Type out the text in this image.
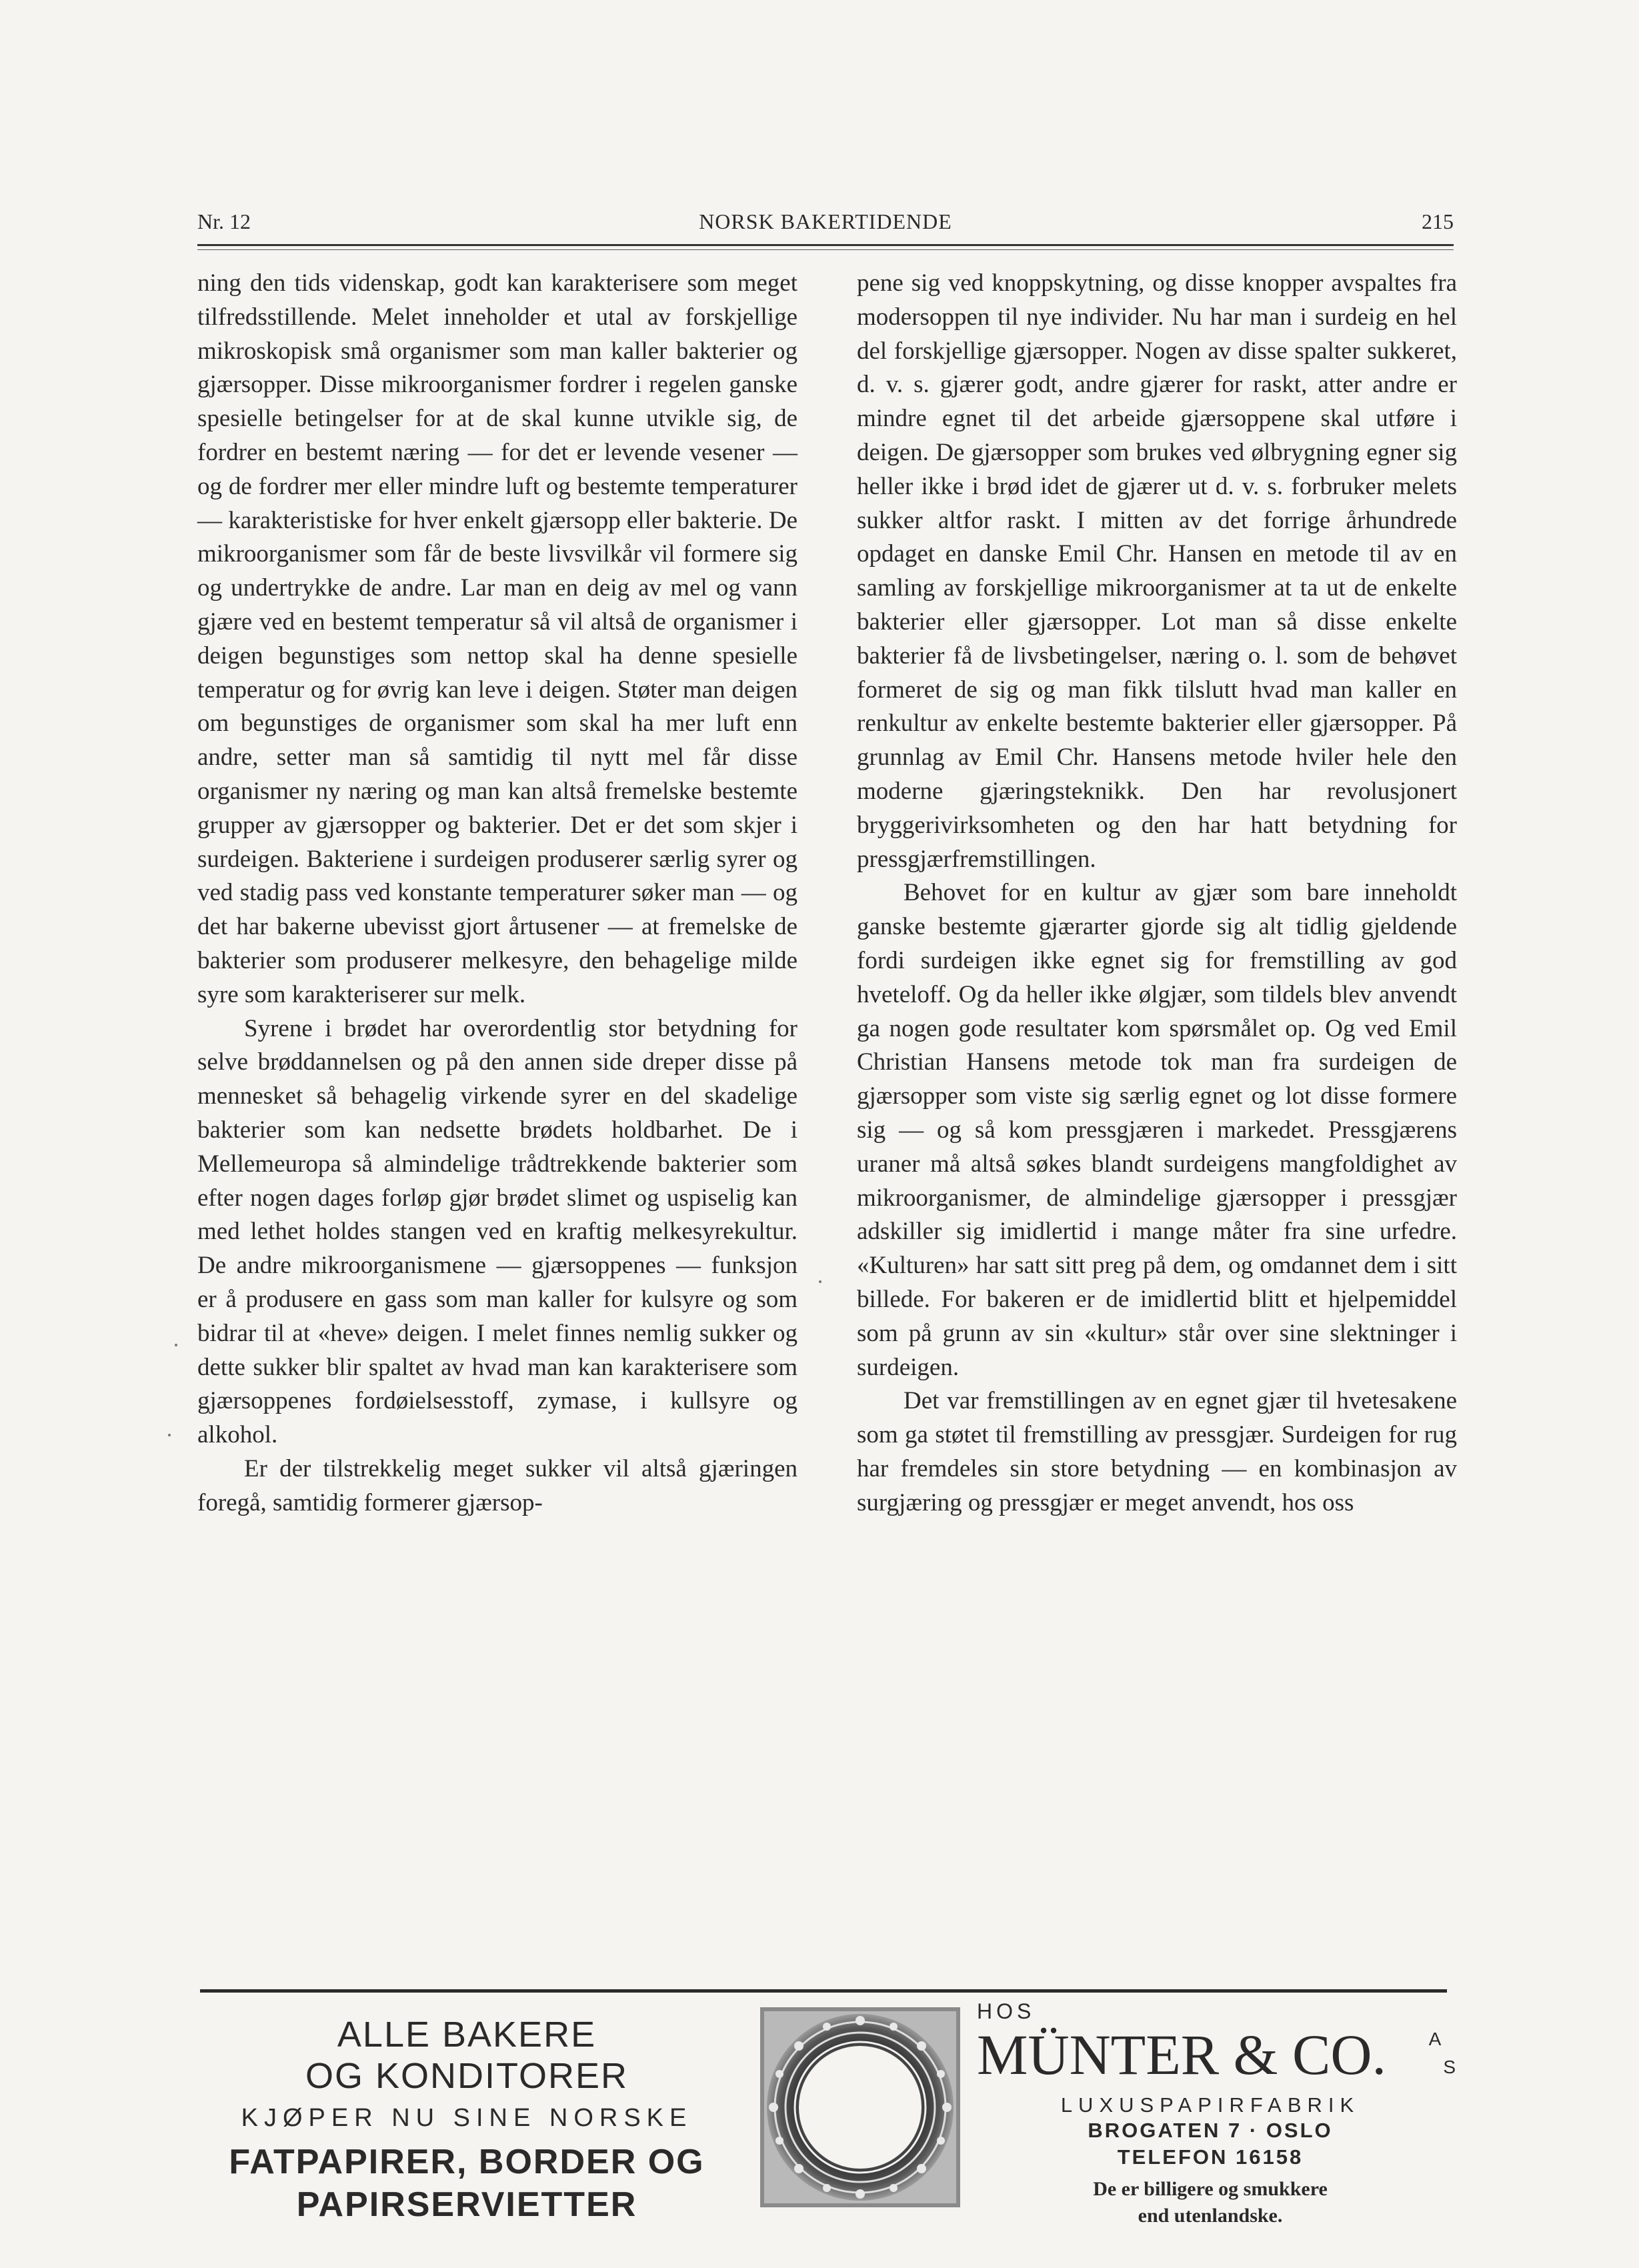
Nr. 12	NORSK BAKERTIDENDE	215

ning den tids videnskap, godt kan karakterisere som meget tilfredsstillende. Melet inneholder et utal av forskjellige mikroskopisk små organismer som man kaller bakterier og gjærsopper. Disse mikroorganismer fordrer i regelen ganske spesielle betingelser for at de skal kunne utvikle sig, de fordrer en bestemt næring — for det er levende vesener — og de fordrer mer eller mindre luft og bestemte temperaturer — karakteristiske for hver enkelt gjærsopp eller bakterie. De mikroorganismer som får de beste livsvilkår vil formere sig og undertrykke de andre. Lar man en deig av mel og vann gjære ved en bestemt temperatur så vil altså de organismer i deigen begunstiges som nettop skal ha denne spesielle temperatur og for øvrig kan leve i deigen. Støter man deigen om begunstiges de organismer som skal ha mer luft enn andre, setter man så samtidig til nytt mel får disse organismer ny næring og man kan altså fremelske bestemte grupper av gjærsopper og bakterier. Det er det som skjer i surdeigen. Bakteriene i surdeigen produserer særlig syrer og ved stadig pass ved konstante temperaturer søker man — og det har bakerne ubevisst gjort årtusener — at fremelske de bakterier som produserer melkesyre, den behagelige milde syre som karakteriserer sur melk.

Syrene i brødet har overordentlig stor betydning for selve brøddannelsen og på den annen side dreper disse på mennesket så behagelig virkende syrer en del skadelige bakterier som kan nedsette brødets holdbarhet. De i Mellemeuropa så almindelige trådtrekkende bakterier som efter nogen dages forløp gjør brødet slimet og uspiselig kan med lethet holdes stangen ved en kraftig melkesyrekultur. De andre mikroorganismene — gjærsoppenes — funksjon er å produsere en gass som man kaller for kulsyre og som bidrar til at «heve» deigen. I melet finnes nemlig sukker og dette sukker blir spaltet av hvad man kan karakterisere som gjærsoppenes fordøielsesstoff, zymase, i kullsyre og alkohol.

Er der tilstrekkelig meget sukker vil altså gjæringen foregå, samtidig formerer gjærsop-

pene sig ved knoppskytning, og disse knopper avspaltes fra modersoppen til nye individer. Nu har man i surdeig en hel del forskjellige gjærsopper. Nogen av disse spalter sukkeret, d. v. s. gjærer godt, andre gjærer for raskt, atter andre er mindre egnet til det arbeide gjærsoppene skal utføre i deigen. De gjærsopper som brukes ved ølbrygning egner sig heller ikke i brød idet de gjærer ut d. v. s. forbruker melets sukker altfor raskt. I mitten av det forrige århundrede opdaget en danske Emil Chr. Hansen en metode til av en samling av forskjellige mikroorganismer at ta ut de enkelte bakterier eller gjærsopper. Lot man så disse enkelte bakterier få de livsbetingelser, næring o. l. som de behøvet formeret de sig og man fikk tilslutt hvad man kaller en renkultur av enkelte bestemte bakterier eller gjærsopper. På grunnlag av Emil Chr. Hansens metode hviler hele den moderne gjæringsteknikk. Den har revolusjonert bryggerivirksomheten og den har hatt betydning for pressgjærfremstillingen.

Behovet for en kultur av gjær som bare inneholdt ganske bestemte gjærarter gjorde sig alt tidlig gjeldende fordi surdeigen ikke egnet sig for fremstilling av god hveteloff. Og da heller ikke ølgjær, som tildels blev anvendt ga nogen gode resultater kom spørsmålet op. Og ved Emil Christian Hansens metode tok man fra surdeigen de gjærsopper som viste sig særlig egnet og lot disse formere sig — og så kom pressgjæren i markedet. Pressgjærens uraner må altså søkes blandt surdeigens mangfoldighet av mikroorganismer, de almindelige gjærsopper i pressgjær adskiller sig imidlertid i mange måter fra sine urfedre. «Kulturen» har satt sitt preg på dem, og omdannet dem i sitt billede. For bakeren er de imidlertid blitt et hjelpemiddel som på grunn av sin «kultur» står over sine slektninger i surdeigen.

Det var fremstillingen av en egnet gjær til hvetesakene som ga støtet til fremstilling av pressgjær. Surdeigen for rug har fremdeles sin store betydning — en kombinasjon av surgjæring og pressgjær er meget anvendt, hos oss

ALLE BAKERE
OG KONDITORER
KJØPER NU SINE NORSKE
FATPAPIRER, BORDER OG
PAPIRSERVIETTER
HOS
MÜNTER & CO. A
S
LUXUSPAPIRFABRIK
BROGATEN 7 · OSLO
TELEFON 16158
De er billigere og smukkere
end utenlandske.
